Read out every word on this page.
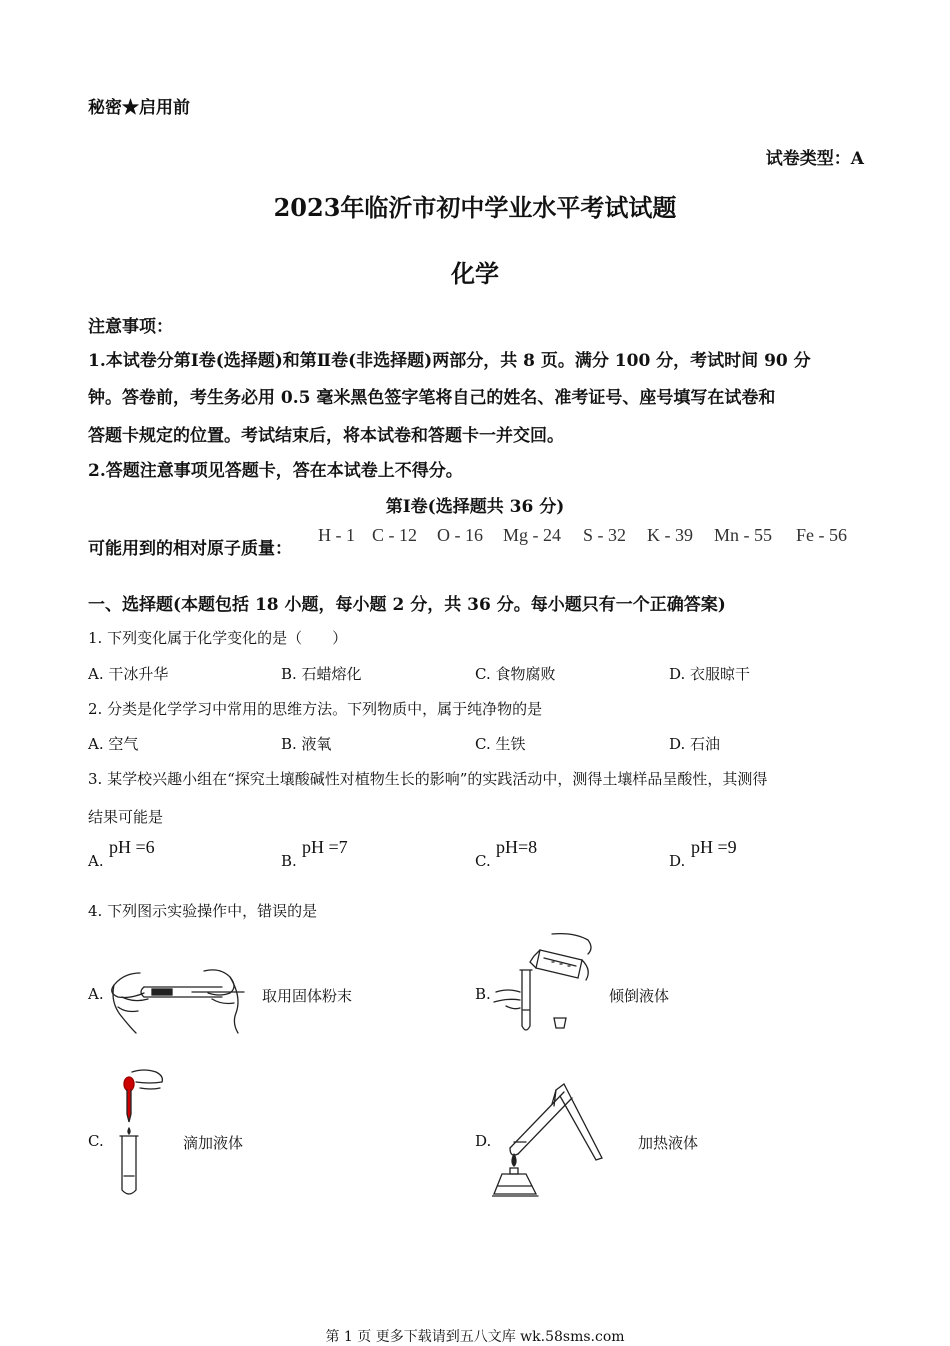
秘密★启用前
试卷类型：A
2023年临沂市初中学业水平考试试题
化学
注意事项：
1.本试卷分第Ⅰ卷(选择题)和第Ⅱ卷(非选择题)两部分，共 8 页。满分 100 分，考试时间 90 分
钟。答卷前，考生务必用 0.5 毫米黑色签字笔将自己的姓名、准考证号、座号填写在试卷和
答题卡规定的位置。考试结束后，将本试卷和答题卡一并交回。
2.答题注意事项见答题卡，答在本试卷上不得分。
第Ⅰ卷(选择题共 36 分)
可能用到的相对原子质量：
H - 1 C - 12 O - 16 Mg - 24 S - 32 K - 39 Mn - 55 Fe - 56
一、选择题(本题包括 18 小题，每小题 2 分，共 36 分。每小题只有一个正确答案)
1. 下列变化属于化学变化的是（　　）
A. 干冰升华	B. 石蜡熔化	C. 食物腐败	D. 衣服晾干
2. 分类是化学学习中常用的思维方法。下列物质中，属于纯净物的是
A. 空气	B. 液氧	C. 生铁	D. 石油
3. 某学校兴趣小组在“探究土壤酸碱性对植物生长的影响”的实践活动中，测得土壤样品呈酸性，其测得
结果可能是
A.
pH =6
B.
pH =7
C.
pH=8
D.
pH =9
4. 下列图示实验操作中，错误的是
A.	取用固体粉末	B.	倾倒液体
C.	滴加液体	D.	加热液体
第 1 页 更多下载请到五八文库 wk.58sms.com
